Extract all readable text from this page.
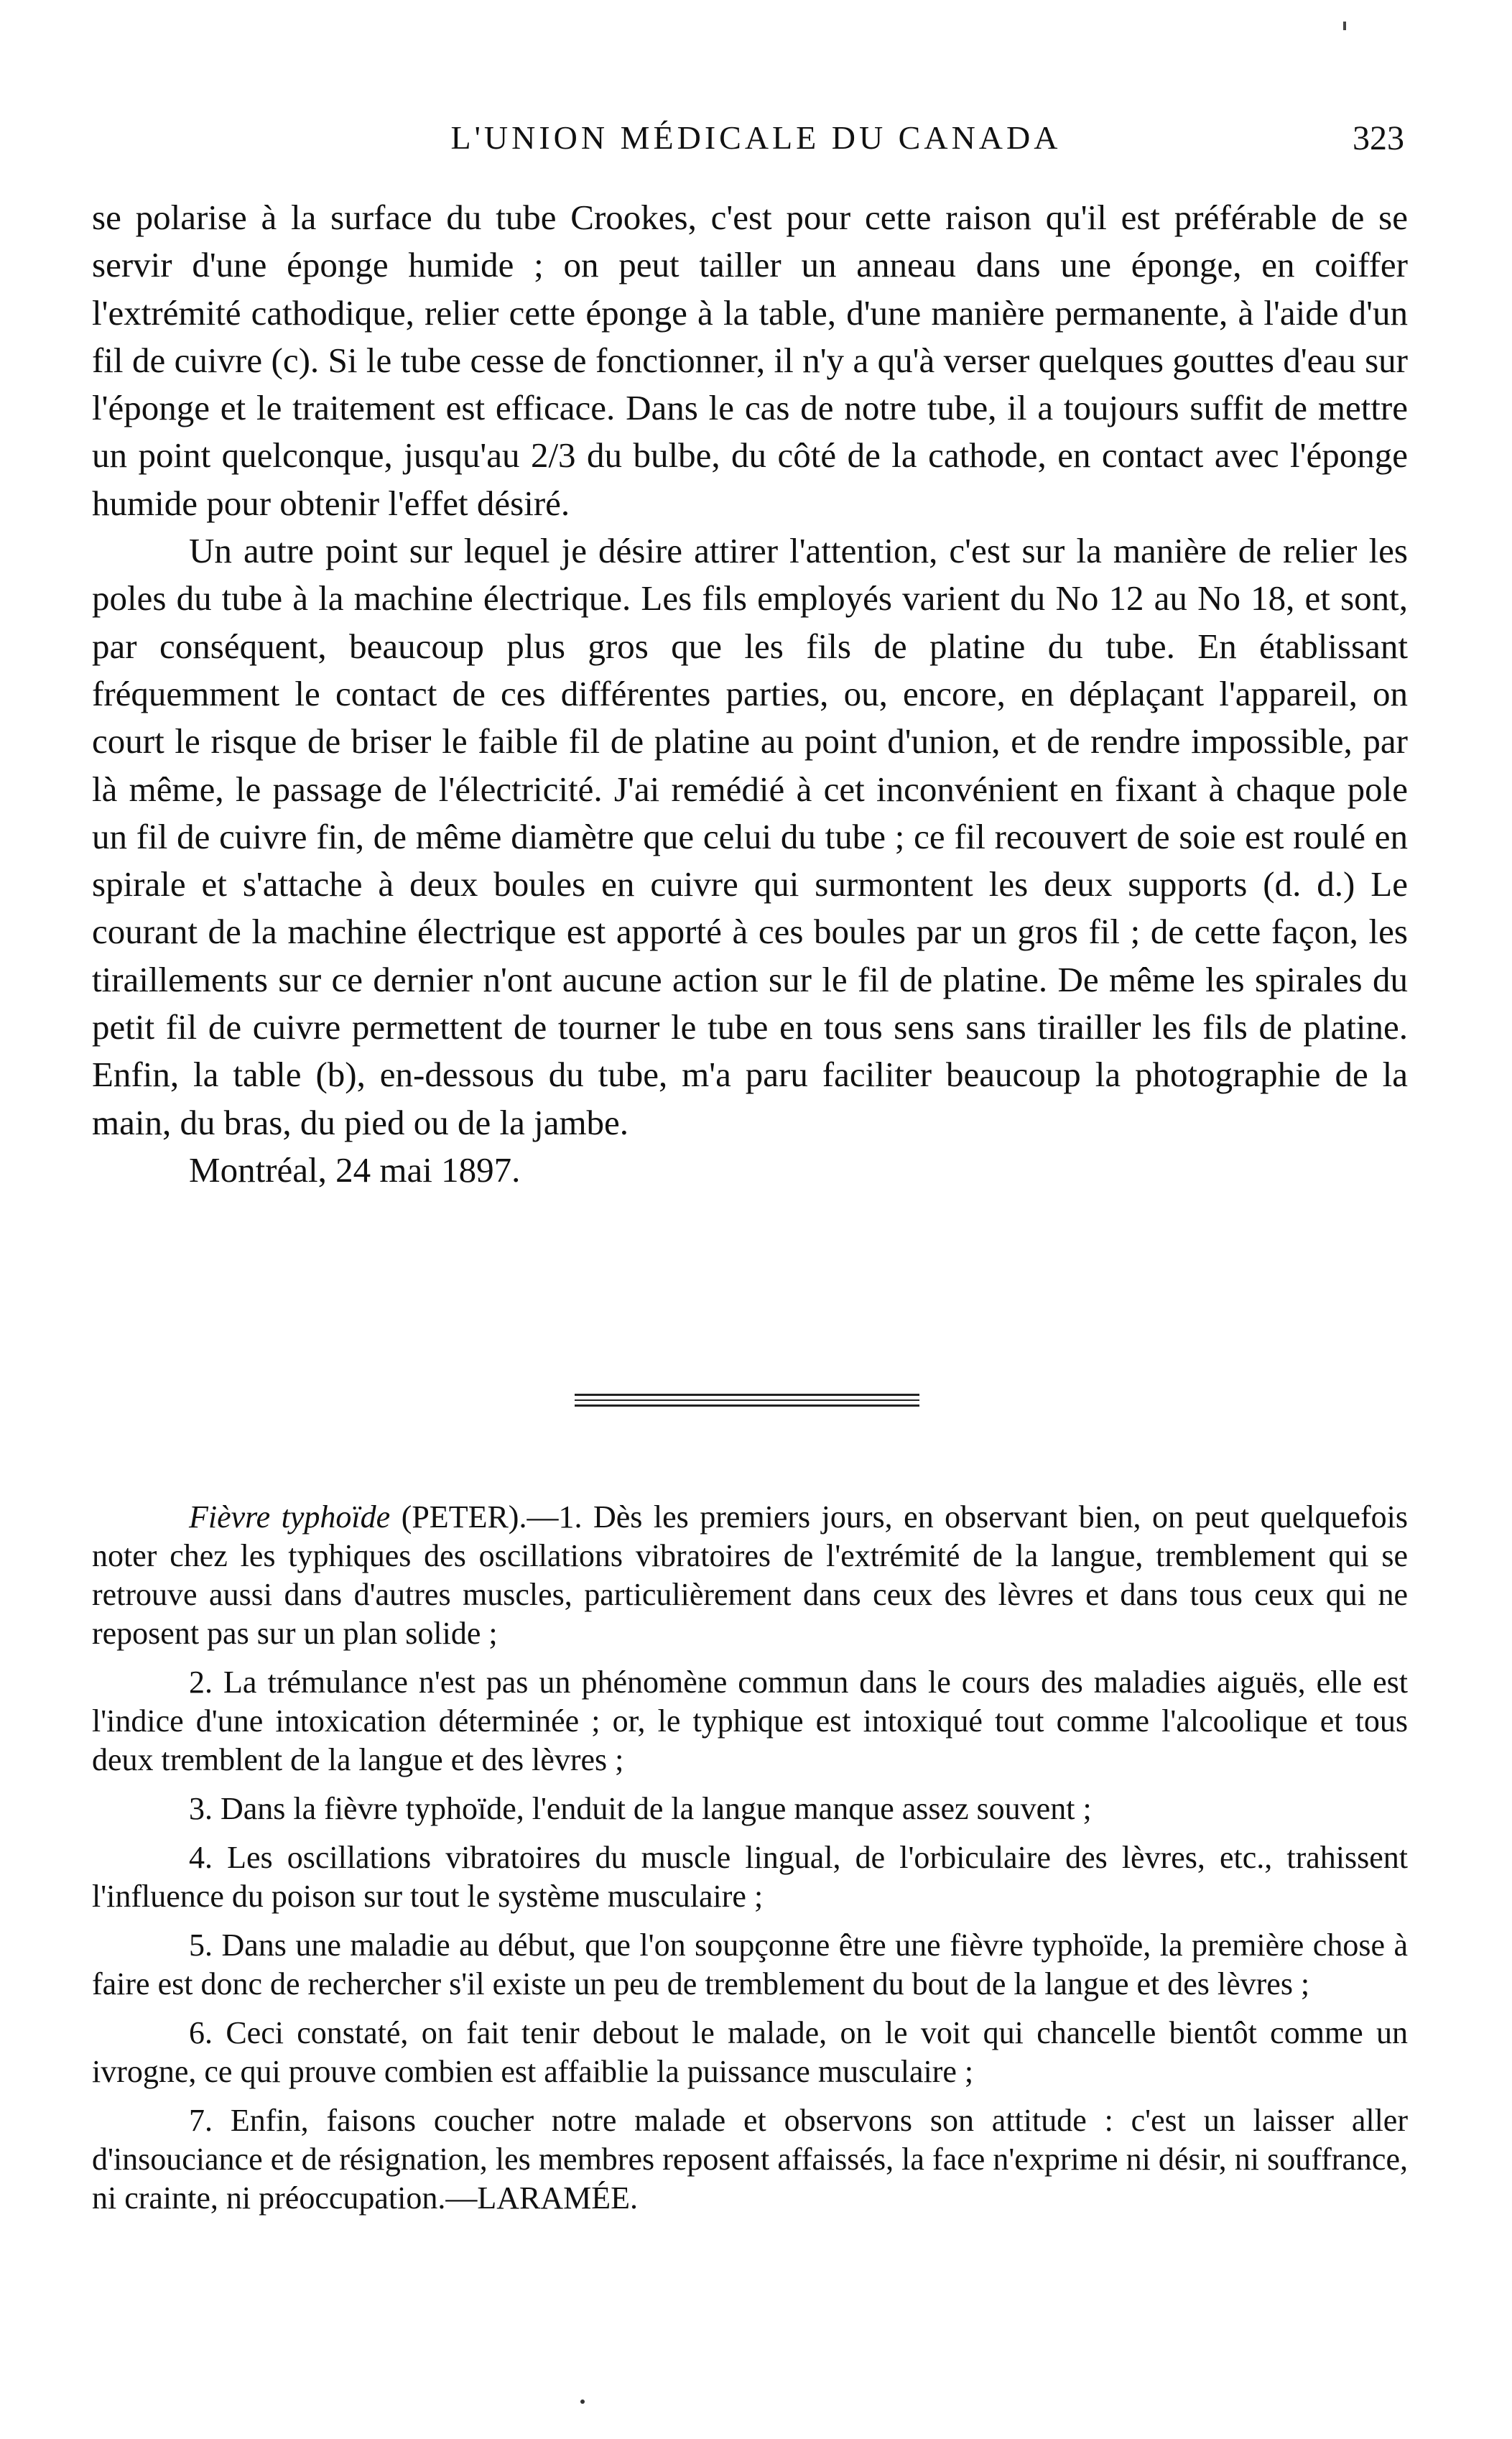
L'UNION MÉDICALE DU CANADA	323

se polarise à la surface du tube Crookes, c'est pour cette raison qu'il est préférable de se servir d'une éponge humide ; on peut tailler un anneau dans une éponge, en coiffer l'extrémité cathodique, relier cette éponge à la table, d'une manière permanente, à l'aide d'un fil de cuivre (c). Si le tube cesse de fonctionner, il n'y a qu'à verser quelques gouttes d'eau sur l'éponge et le traitement est efficace. Dans le cas de notre tube, il a toujours suffit de mettre un point quelconque, jusqu'au 2/3 du bulbe, du côté de la cathode, en contact avec l'éponge humide pour obtenir l'effet désiré.

Un autre point sur lequel je désire attirer l'attention, c'est sur la manière de relier les poles du tube à la machine électrique. Les fils employés varient du No 12 au No 18, et sont, par conséquent, beaucoup plus gros que les fils de platine du tube. En établissant fréquemment le contact de ces différentes parties, ou, encore, en déplaçant l'appareil, on court le risque de briser le faible fil de platine au point d'union, et de rendre impossible, par là même, le passage de l'électricité. J'ai remédié à cet inconvénient en fixant à chaque pole un fil de cuivre fin, de même diamètre que celui du tube ; ce fil recouvert de soie est roulé en spirale et s'attache à deux boules en cuivre qui surmontent les deux supports (d. d.) Le courant de la machine électrique est apporté à ces boules par un gros fil ; de cette façon, les tiraillements sur ce dernier n'ont aucune action sur le fil de platine. De même les spirales du petit fil de cuivre permettent de tourner le tube en tous sens sans tirailler les fils de platine. Enfin, la table (b), en-dessous du tube, m'a paru faciliter beaucoup la photographie de la main, du bras, du pied ou de la jambe.

Montréal, 24 mai 1897.

Fièvre typhoïde (PETER).—1. Dès les premiers jours, en observant bien, on peut quelquefois noter chez les typhiques des oscillations vibratoires de l'extrémité de la langue, tremblement qui se retrouve aussi dans d'autres muscles, particulièrement dans ceux des lèvres et dans tous ceux qui ne reposent pas sur un plan solide ;

2. La trémulance n'est pas un phénomène commun dans le cours des maladies aiguës, elle est l'indice d'une intoxication déterminée ; or, le typhique est intoxiqué tout comme l'alcoolique et tous deux tremblent de la langue et des lèvres ;

3. Dans la fièvre typhoïde, l'enduit de la langue manque assez souvent ;

4. Les oscillations vibratoires du muscle lingual, de l'orbiculaire des lèvres, etc., trahissent l'influence du poison sur tout le système musculaire ;

5. Dans une maladie au début, que l'on soupçonne être une fièvre typhoïde, la première chose à faire est donc de rechercher s'il existe un peu de tremblement du bout de la langue et des lèvres ;

6. Ceci constaté, on fait tenir debout le malade, on le voit qui chancelle bientôt comme un ivrogne, ce qui prouve combien est affaiblie la puissance musculaire ;

7. Enfin, faisons coucher notre malade et observons son attitude : c'est un laisser aller d'insouciance et de résignation, les membres reposent affaissés, la face n'exprime ni désir, ni souffrance, ni crainte, ni préoccupation.—LARAMÉE.
